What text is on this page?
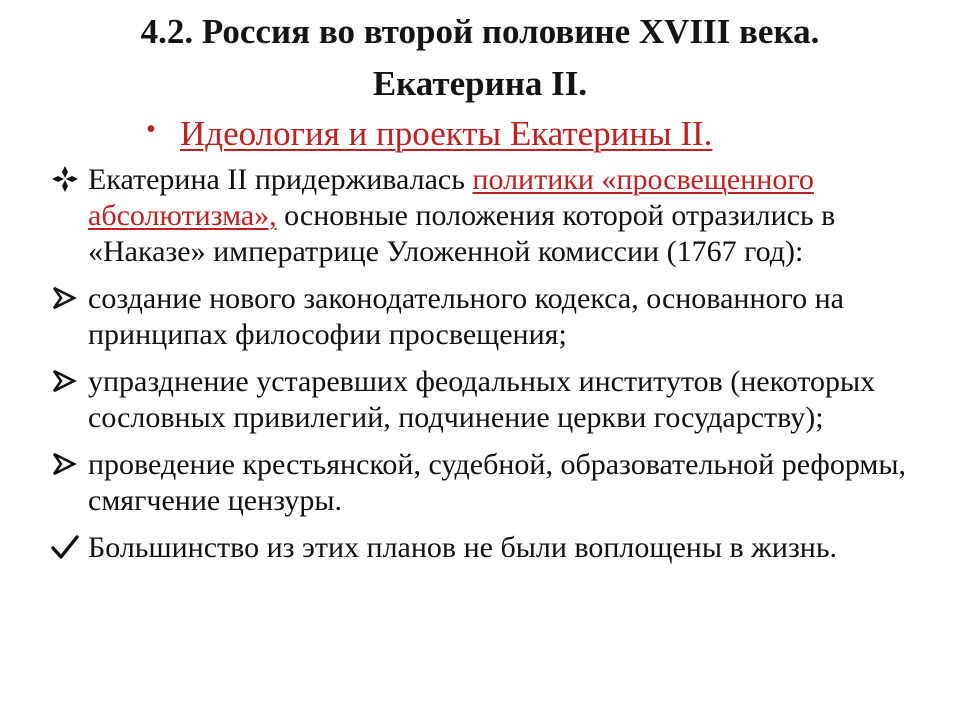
4.2. Россия во второй половине XVIII века.
Екатерина II.
• Идеология и проекты Екатерины II.
Екатерина II придерживалась политики «просвещенного абсолютизма», основные положения которой отразились в «Наказе» императрице Уложенной комиссии (1767 год):
создание нового законодательного кодекса, основанного на принципах философии просвещения;
упразднение устаревших феодальных институтов (некоторых сословных привилегий, подчинение церкви государству);
проведение крестьянской, судебной, образовательной реформы, смягчение цензуры.
Большинство из этих планов не были воплощены в жизнь.
